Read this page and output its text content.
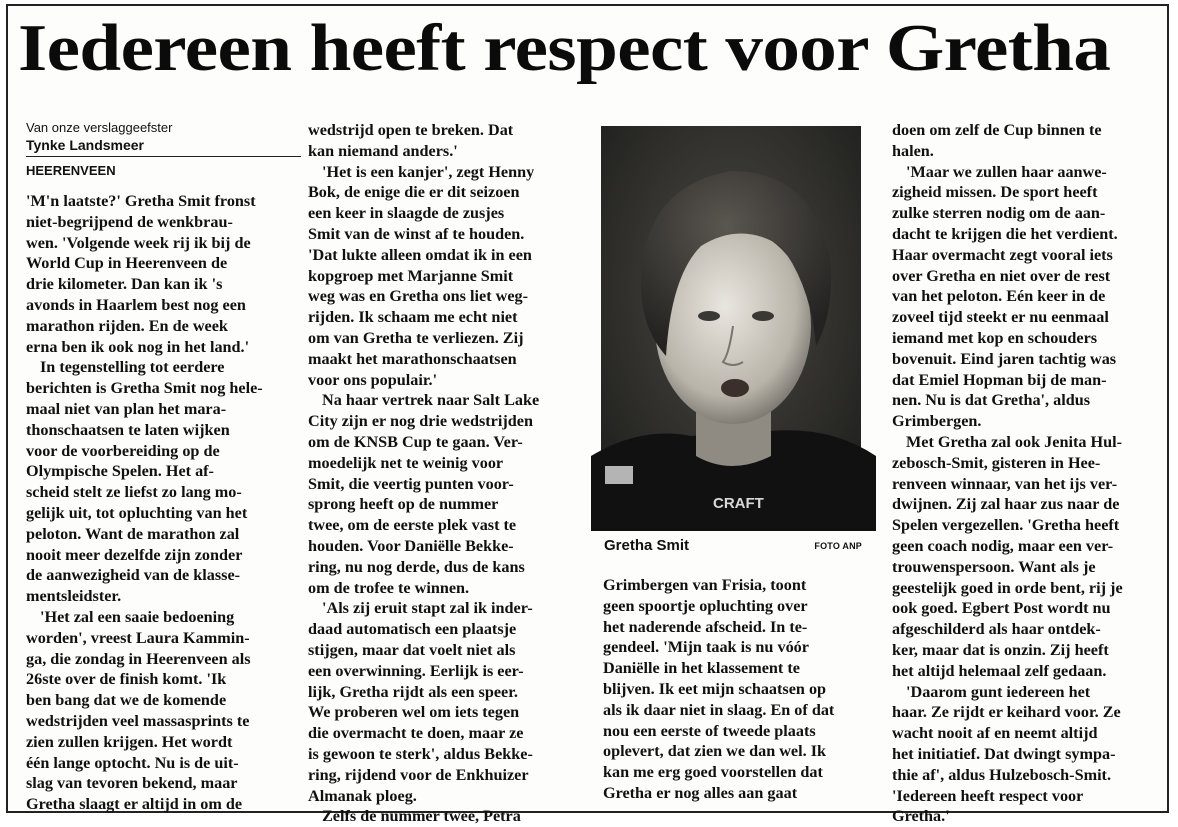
Iedereen heeft respect voor Gretha
Van onze verslaggeefster
Tynke Landsmeer
HEERENVEEN

'M'n laatste?' Gretha Smit fronst
niet-begrijpend de wenkbrau-
wen. 'Volgende week rij ik bij de
World Cup in Heerenveen de
drie kilometer. Dan kan ik 's
avonds in Haarlem best nog een
marathon rijden. En de week
erna ben ik ook nog in het land.'

In tegenstelling tot eerdere
berichten is Gretha Smit nog hele-
maal niet van plan het mara-
thonschaatsen te laten wijken
voor de voorbereiding op de
Olympische Spelen. Het af-
scheid stelt ze liefst zo lang mo-
gelijk uit, tot opluchting van het
peloton. Want de marathon zal
nooit meer dezelfde zijn zonder
de aanwezigheid van de klasse-
mentsleidster.

'Het zal een saaie bedoening
worden', vreest Laura Kammin-
ga, die zondag in Heerenveen als
26ste over de finish komt. 'Ik
ben bang dat we de komende
wedstrijden veel massasprints te
zien zullen krijgen. Het wordt
één lange optocht. Nu is de uit-
slag van tevoren bekend, maar
Gretha slaagt er altijd in om de

wedstrijd open te breken. Dat
kan niemand anders.'

'Het is een kanjer', zegt Henny
Bok, de enige die er dit seizoen
een keer in slaagde de zusjes
Smit van de winst af te houden.
'Dat lukte alleen omdat ik in een
kopgroep met Marjanne Smit
weg was en Gretha ons liet weg-
rijden. Ik schaam me echt niet
om van Gretha te verliezen. Zij
maakt het marathonschaatsen
voor ons populair.'

Na haar vertrek naar Salt Lake
City zijn er nog drie wedstrijden
om de KNSB Cup te gaan. Ver-
moedelijk net te weinig voor
Smit, die veertig punten voor-
sprong heeft op de nummer
twee, om de eerste plek vast te
houden. Voor Daniëlle Bekke-
ring, nu nog derde, dus de kans
om de trofee te winnen.

'Als zij eruit stapt zal ik inder-
daad automatisch een plaatsje
stijgen, maar dat voelt niet als
een overwinning. Eerlijk is eer-
lijk, Gretha rijdt als een speer.
We proberen wel om iets tegen
die overmacht te doen, maar ze
is gewoon te sterk', aldus Bekke-
ring, rijdend voor de Enkhuizer
Almanak ploeg.

Zelfs de nummer twee, Petra

CRAFT
Gretha Smit	FOTO ANP

Grimbergen van Frisia, toont
geen spoortje opluchting over
het naderende afscheid. In te-
gendeel. 'Mijn taak is nu vóór
Daniëlle in het klassement te
blijven. Ik eet mijn schaatsen op
als ik daar niet in slaag. En of dat
nou een eerste of tweede plaats
oplevert, dat zien we dan wel. Ik
kan me erg goed voorstellen dat
Gretha er nog alles aan gaat

doen om zelf de Cup binnen te
halen.

'Maar we zullen haar aanwe-
zigheid missen. De sport heeft
zulke sterren nodig om de aan-
dacht te krijgen die het verdient.
Haar overmacht zegt vooral iets
over Gretha en niet over de rest
van het peloton. Eén keer in de
zoveel tijd steekt er nu eenmaal
iemand met kop en schouders
bovenuit. Eind jaren tachtig was
dat Emiel Hopman bij de man-
nen. Nu is dat Gretha', aldus
Grimbergen.

Met Gretha zal ook Jenita Hul-
zebosch-Smit, gisteren in Hee-
renveen winnaar, van het ijs ver-
dwijnen. Zij zal haar zus naar de
Spelen vergezellen. 'Gretha heeft
geen coach nodig, maar een ver-
trouwenspersoon. Want als je
geestelijk goed in orde bent, rij je
ook goed. Egbert Post wordt nu
afgeschilderd als haar ontdek-
ker, maar dat is onzin. Zij heeft
het altijd helemaal zelf gedaan.

'Daarom gunt iedereen het
haar. Ze rijdt er keihard voor. Ze
wacht nooit af en neemt altijd
het initiatief. Dat dwingt sympa-
thie af', aldus Hulzebosch-Smit.
'Iedereen heeft respect voor
Gretha.'
